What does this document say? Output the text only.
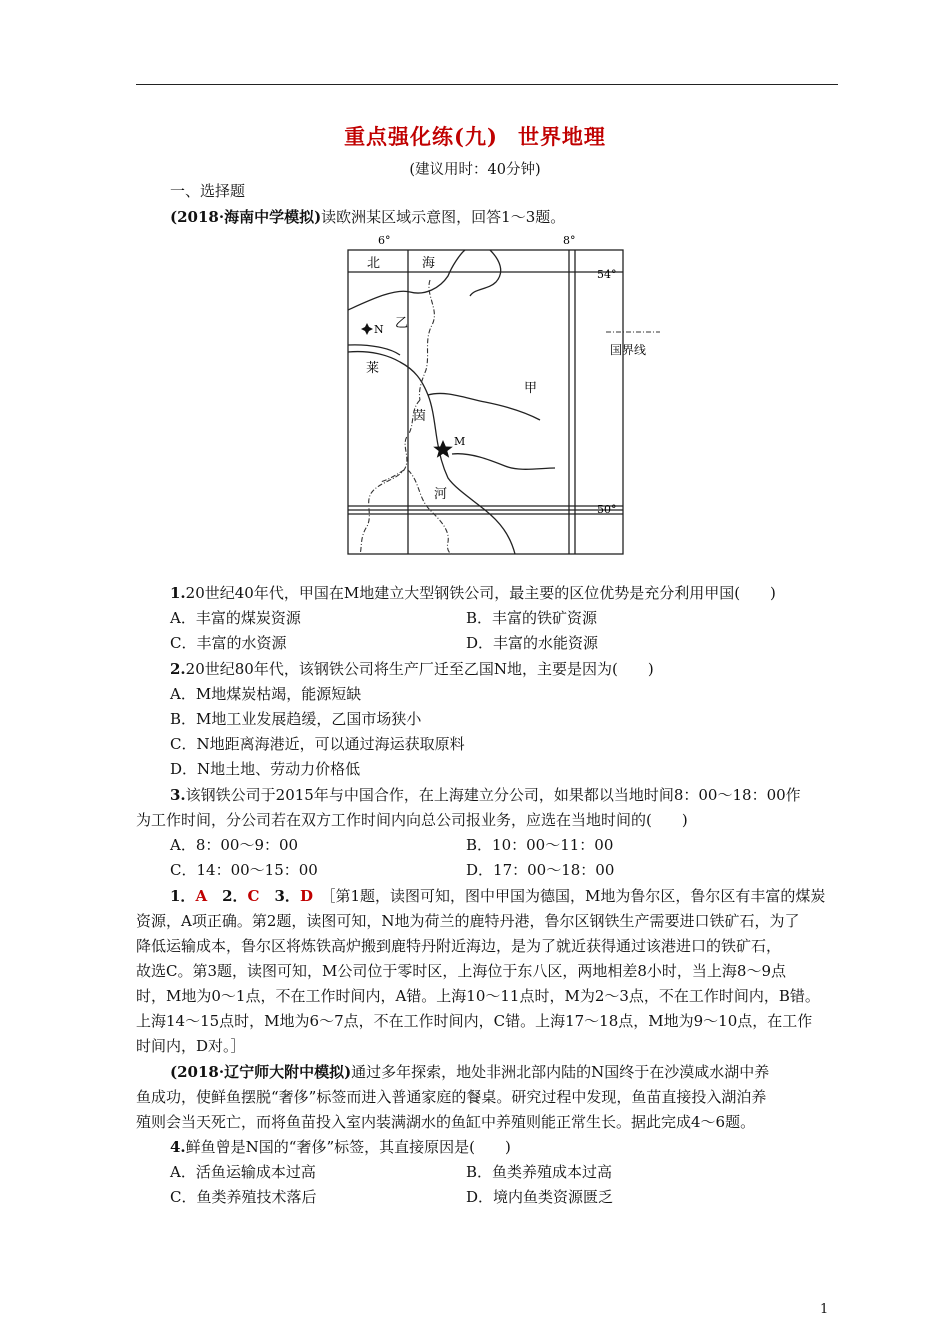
重点强化练(九) 世界地理
(建议用时：40分钟)
一、选择题
(2018·海南中学模拟)读欧洲某区域示意图，回答1～3题。
6°	8°
54°
50°
北	海
莱
茵
河
乙
甲
N
M
国界线
1.20世纪40年代，甲国在M地建立大型钢铁公司，最主要的区位优势是充分利用甲国(　　)
A．丰富的煤炭资源	B．丰富的铁矿资源
C．丰富的水资源	D．丰富的水能资源
2.20世纪80年代，该钢铁公司将生产厂迁至乙国N地，主要是因为(　　)
A．M地煤炭枯竭，能源短缺
B．M地工业发展趋缓，乙国市场狭小
C．N地距离海港近，可以通过海运获取原料
D．N地土地、劳动力价格低
3.该钢铁公司于2015年与中国合作，在上海建立分公司，如果都以当地时间8：00～18：00作
为工作时间，分公司若在双方工作时间内向总公司报业务，应选在当地时间的(　　)
A．8：00～9：00	B．10：00～11：00
C．14：00～15：00	D．17：00～18：00
1．A　 2．C　 3．D　 ［第1题，读图可知，图中甲国为德国，M地为鲁尔区，鲁尔区有丰富的煤炭
资源，A项正确。第2题，读图可知，N地为荷兰的鹿特丹港，鲁尔区钢铁生产需要进口铁矿石，为了
降低运输成本，鲁尔区将炼铁高炉搬到鹿特丹附近海边，是为了就近获得通过该港进口的铁矿石，
故选C。第3题，读图可知，M公司位于零时区，上海位于东八区，两地相差8小时，当上海8～9点
时，M地为0～1点，不在工作时间内，A错。上海10～11点时，M为2～3点，不在工作时间内，B错。
上海14～15点时，M地为6～7点，不在工作时间内，C错。上海17～18点，M地为9～10点，在工作
时间内，D对。］
(2018·辽宁师大附中模拟)通过多年探索，地处非洲北部内陆的N国终于在沙漠咸水湖中养
鱼成功，使鲜鱼摆脱“奢侈”标签而进入普通家庭的餐桌。研究过程中发现，鱼苗直接投入湖泊养
殖则会当天死亡，而将鱼苗投入室内装满湖水的鱼缸中养殖则能正常生长。据此完成4～6题。
4.鲜鱼曾是N国的“奢侈”标签，其直接原因是(　　)
A．活鱼运输成本过高	B．鱼类养殖成本过高
C．鱼类养殖技术落后	D．境内鱼类资源匮乏
1
